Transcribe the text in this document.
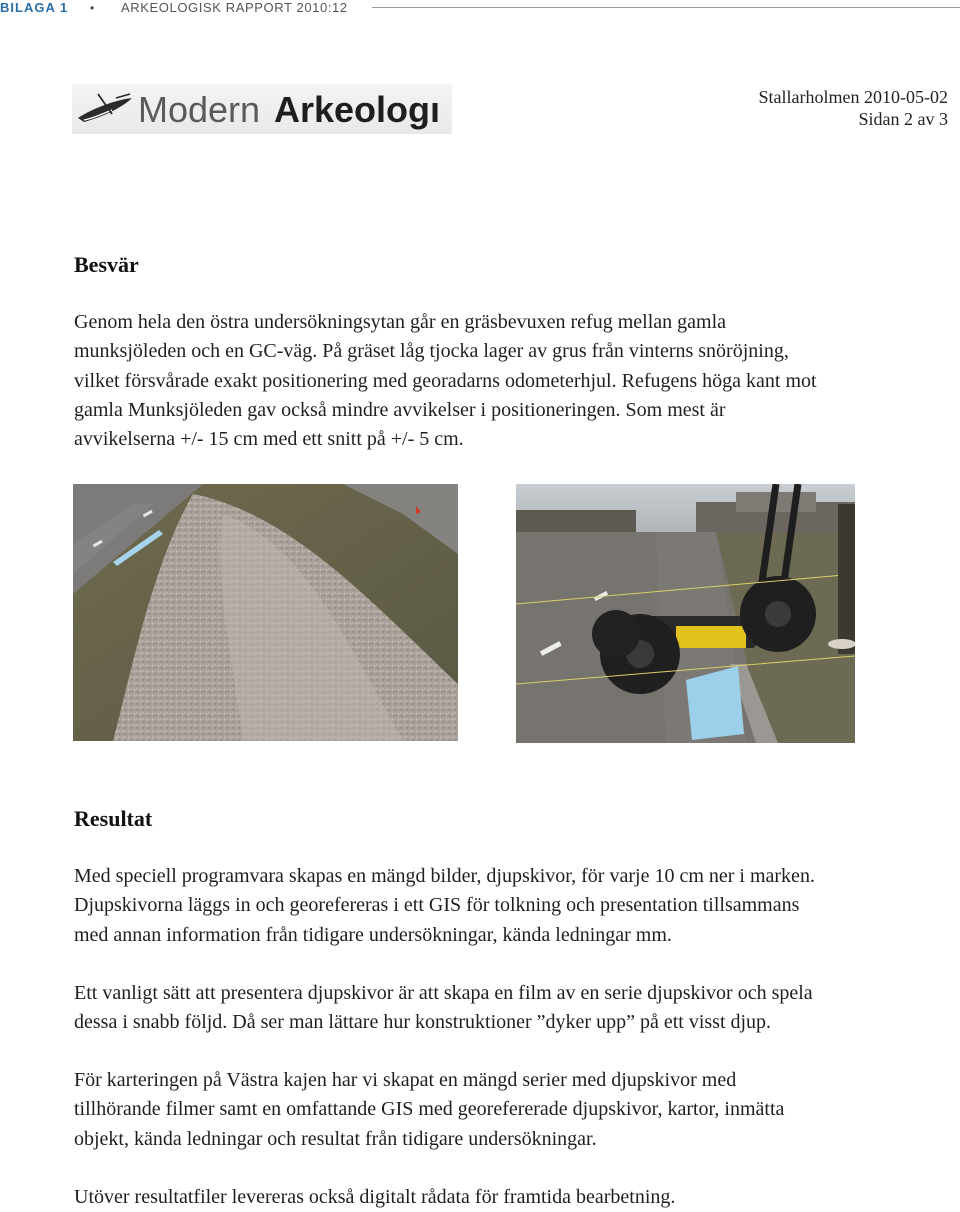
BILAGA 1 • ARKEOLOGISK RAPPORT 2010:12
Modern Arkeologı	Stallarholmen 2010-05-02
Sidan 2 av 3
Besvär
Genom hela den östra undersökningsytan går en gräsbevuxen refug mellan gamla
munksjöleden och en GC-väg. På gräset låg tjocka lager av grus från vinterns snöröjning,
vilket försvårade exakt positionering med georadarns odometerhjul. Refugens höga kant mot
gamla Munksjöleden gav också mindre avvikelser i positioneringen. Som mest är
avvikelserna +/- 15 cm med ett snitt på +/- 5 cm.
Resultat
Med speciell programvara skapas en mängd bilder, djupskivor, för varje 10 cm ner i marken.
Djupskivorna läggs in och georefereras i ett GIS för tolkning och presentation tillsammans
med annan information från tidigare undersökningar, kända ledningar mm.
Ett vanligt sätt att presentera djupskivor är att skapa en film av en serie djupskivor och spela
dessa i snabb följd. Då ser man lättare hur konstruktioner ”dyker upp” på ett visst djup.
För karteringen på Västra kajen har vi skapat en mängd serier med djupskivor med
tillhörande filmer samt en omfattande GIS med georefererade djupskivor, kartor, inmätta
objekt, kända ledningar och resultat från tidigare undersökningar.
Utöver resultatfiler levereras också digitalt rådata för framtida bearbetning.
